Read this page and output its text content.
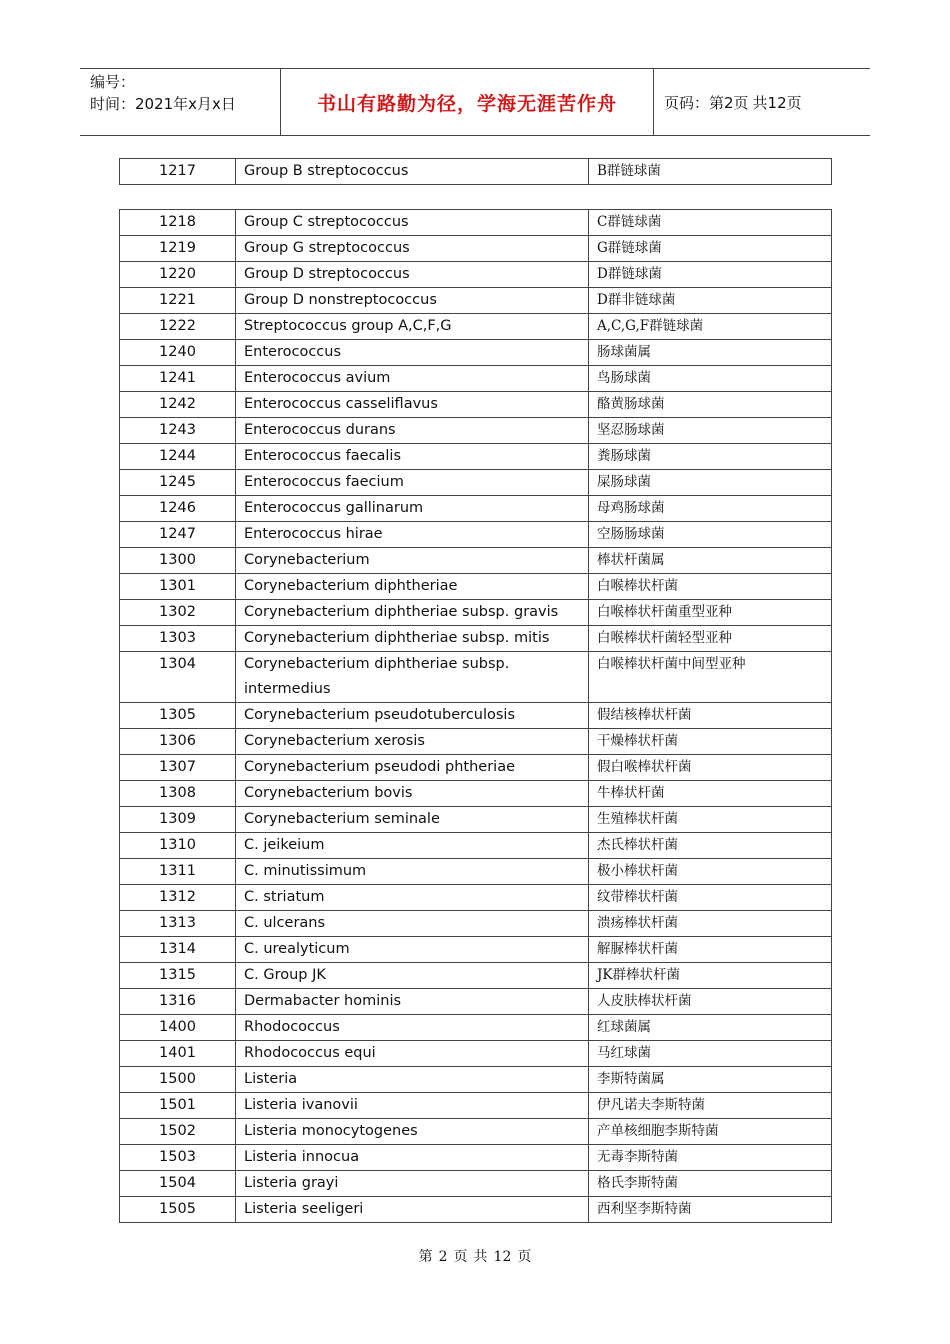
编号：
时间：2021年x月x日	书山有路勤为径，学海无涯苦作舟	页码：第2页 共12页
1217	Group B streptococcus	B群链球菌
1218	Group C streptococcus	C群链球菌
1219	Group G streptococcus	G群链球菌
1220	Group D streptococcus	D群链球菌
1221	Group D nonstreptococcus	D群非链球菌
1222	Streptococcus group A,C,F,G	A,C,G,F群链球菌
1240	Enterococcus	肠球菌属
1241	Enterococcus avium	鸟肠球菌
1242	Enterococcus casseliflavus	酪黄肠球菌
1243	Enterococcus durans	坚忍肠球菌
1244	Enterococcus faecalis	粪肠球菌
1245	Enterococcus faecium	屎肠球菌
1246	Enterococcus gallinarum	母鸡肠球菌
1247	Enterococcus hirae	空肠肠球菌
1300	Corynebacterium	棒状杆菌属
1301	Corynebacterium diphtheriae	白喉棒状杆菌
1302	Corynebacterium diphtheriae subsp. gravis	白喉棒状杆菌重型亚种
1303	Corynebacterium diphtheriae subsp. mitis	白喉棒状杆菌轻型亚种
1304	Corynebacterium diphtheriae subsp. intermedius	白喉棒状杆菌中间型亚种
1305	Corynebacterium pseudotuberculosis	假结核棒状杆菌
1306	Corynebacterium xerosis	干燥棒状杆菌
1307	Corynebacterium pseudodi phtheriae	假白喉棒状杆菌
1308	Corynebacterium bovis	牛棒状杆菌
1309	Corynebacterium seminale	生殖棒状杆菌
1310	C. jeikeium	杰氏棒状杆菌
1311	C. minutissimum	极小棒状杆菌
1312	C. striatum	纹带棒状杆菌
1313	C. ulcerans	溃疡棒状杆菌
1314	C. urealyticum	解脲棒状杆菌
1315	C. Group JK	JK群棒状杆菌
1316	Dermabacter hominis	人皮肤棒状杆菌
1400	Rhodococcus	红球菌属
1401	Rhodococcus equi	马红球菌
1500	Listeria	李斯特菌属
1501	Listeria ivanovii	伊凡诺夫李斯特菌
1502	Listeria monocytogenes	产单核细胞李斯特菌
1503	Listeria innocua	无毒李斯特菌
1504	Listeria grayi	格氏李斯特菌
1505	Listeria seeligeri	西利坚李斯特菌
第 2 页 共 12 页
